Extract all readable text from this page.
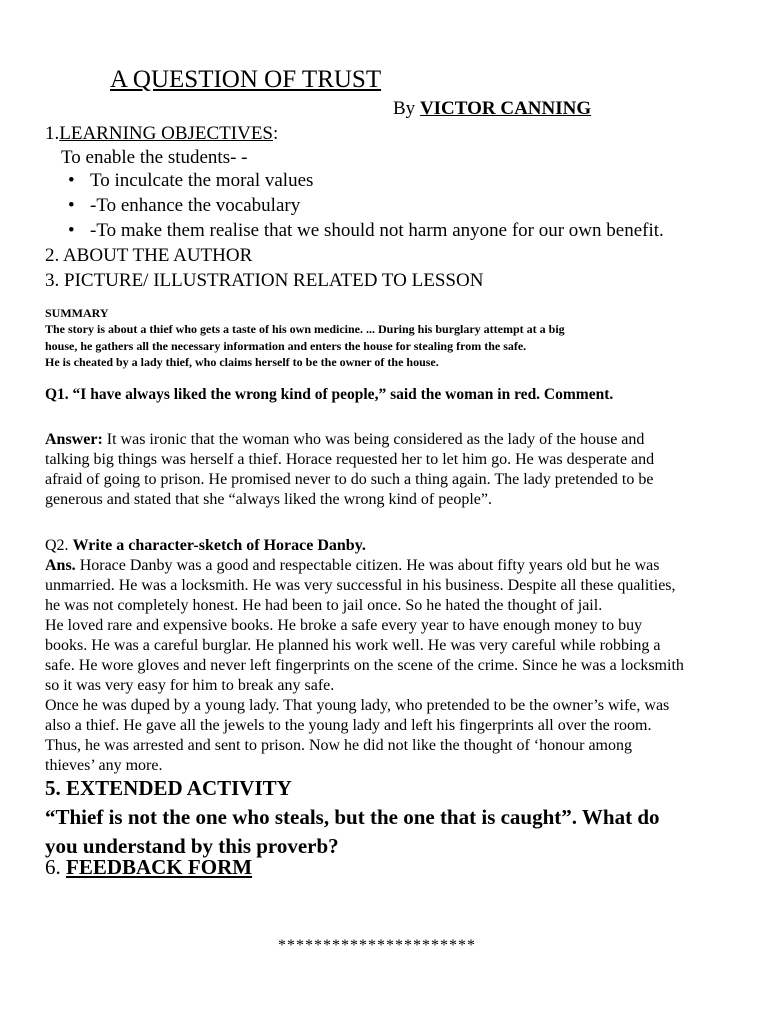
A QUESTION OF TRUST
By VICTOR CANNING
1.LEARNING OBJECTIVES:
To enable the students- -
• To inculcate the moral values
• -To enhance the vocabulary
• -To make them realise that we should not harm anyone for our own benefit.
2. ABOUT THE AUTHOR
3. PICTURE/ ILLUSTRATION RELATED TO LESSON
SUMMARY
The story is about a thief who gets a taste of his own medicine. ... During his burglary attempt at a big
house, he gathers all the necessary information and enters the house for stealing from the safe.
He is cheated by a lady thief, who claims herself to be the owner of the house.
Q1. “I have always liked the wrong kind of people,” said the woman in red. Comment.
Answer: It was ironic that the woman who was being considered as the lady of the house and
talking big things was herself a thief. Horace requested her to let him go. He was desperate and
afraid of going to prison. He promised never to do such a thing again. The lady pretended to be
generous and stated that she “always liked the wrong kind of people”.
Q2. Write a character-sketch of Horace Danby.
Ans. Horace Danby was a good and respectable citizen. He was about fifty years old but he was
unmarried. He was a locksmith. He was very successful in his business. Despite all these qualities,
he was not completely honest. He had been to jail once. So he hated the thought of jail.
He loved rare and expensive books. He broke a safe every year to have enough money to buy
books. He was a careful burglar. He planned his work well. He was very careful while robbing a
safe. He wore gloves and never left fingerprints on the scene of the crime. Since he was a locksmith
so it was very easy for him to break any safe.
Once he was duped by a young lady. That young lady, who pretended to be the owner’s wife, was
also a thief. He gave all the jewels to the young lady and left his fingerprints all over the room.
Thus, he was arrested and sent to prison. Now he did not like the thought of ‘honour among
thieves’ any more.
5. EXTENDED ACTIVITY
“Thief is not the one who steals, but the one that is caught”. What do
you understand by this proverb?
6. FEEDBACK FORM
**********************
